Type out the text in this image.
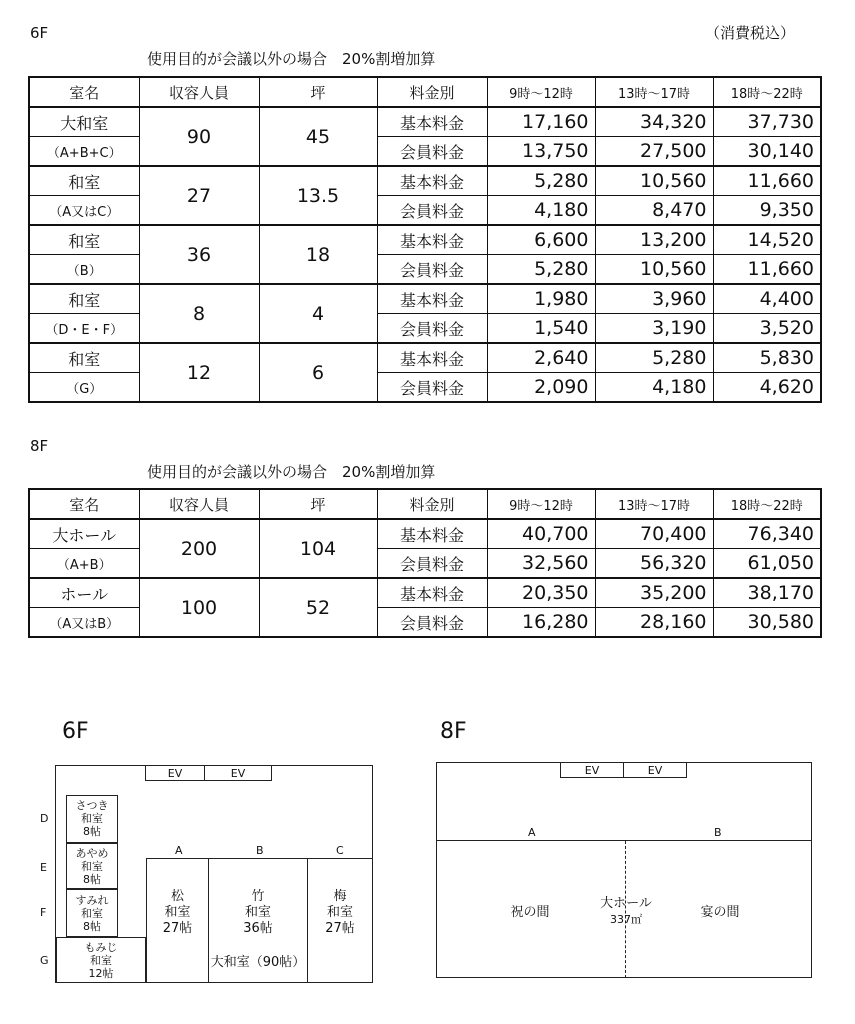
6F	（消費税込）
使用目的が会議以外の場合　20%割増加算
室名	収容人員	坪	料金別	9時～12時	13時～17時	18時～22時
大和室	90	45	基本料金	17,160	34,320	37,730
（A+B+C）			会員料金	13,750	27,500	30,140
和室	27	13.5	基本料金	5,280	10,560	11,660
（A又はC）			会員料金	4,180	8,470	9,350
和室	36	18	基本料金	6,600	13,200	14,520
（B）			会員料金	5,280	10,560	11,660
和室	8	4	基本料金	1,980	3,960	4,400
（D・E・F）			会員料金	1,540	3,190	3,520
和室	12	6	基本料金	2,640	5,280	5,830
（G）			会員料金	2,090	4,180	4,620
8F
使用目的が会議以外の場合　20%割増加算
室名	収容人員	坪	料金別	9時～12時	13時～17時	18時～22時
大ホール	200	104	基本料金	40,700	70,400	76,340
（A+B）			会員料金	32,560	56,320	61,050
ホール	100	52	基本料金	20,350	35,200	38,170
（A又はB）			会員料金	16,280	28,160	30,580
6F
EV	EV
さつき
和室
8帖
あやめ
和室
8帖
すみれ
和室
8帖
もみじ
和室
12帖
D
E
F
G
A	B	C
松
和室
27帖
竹
和室
36帖
大和室（90帖）
梅
和室
27帖
8F
EV	EV
A	B
祝の間
大ホール
337㎡	宴の間
